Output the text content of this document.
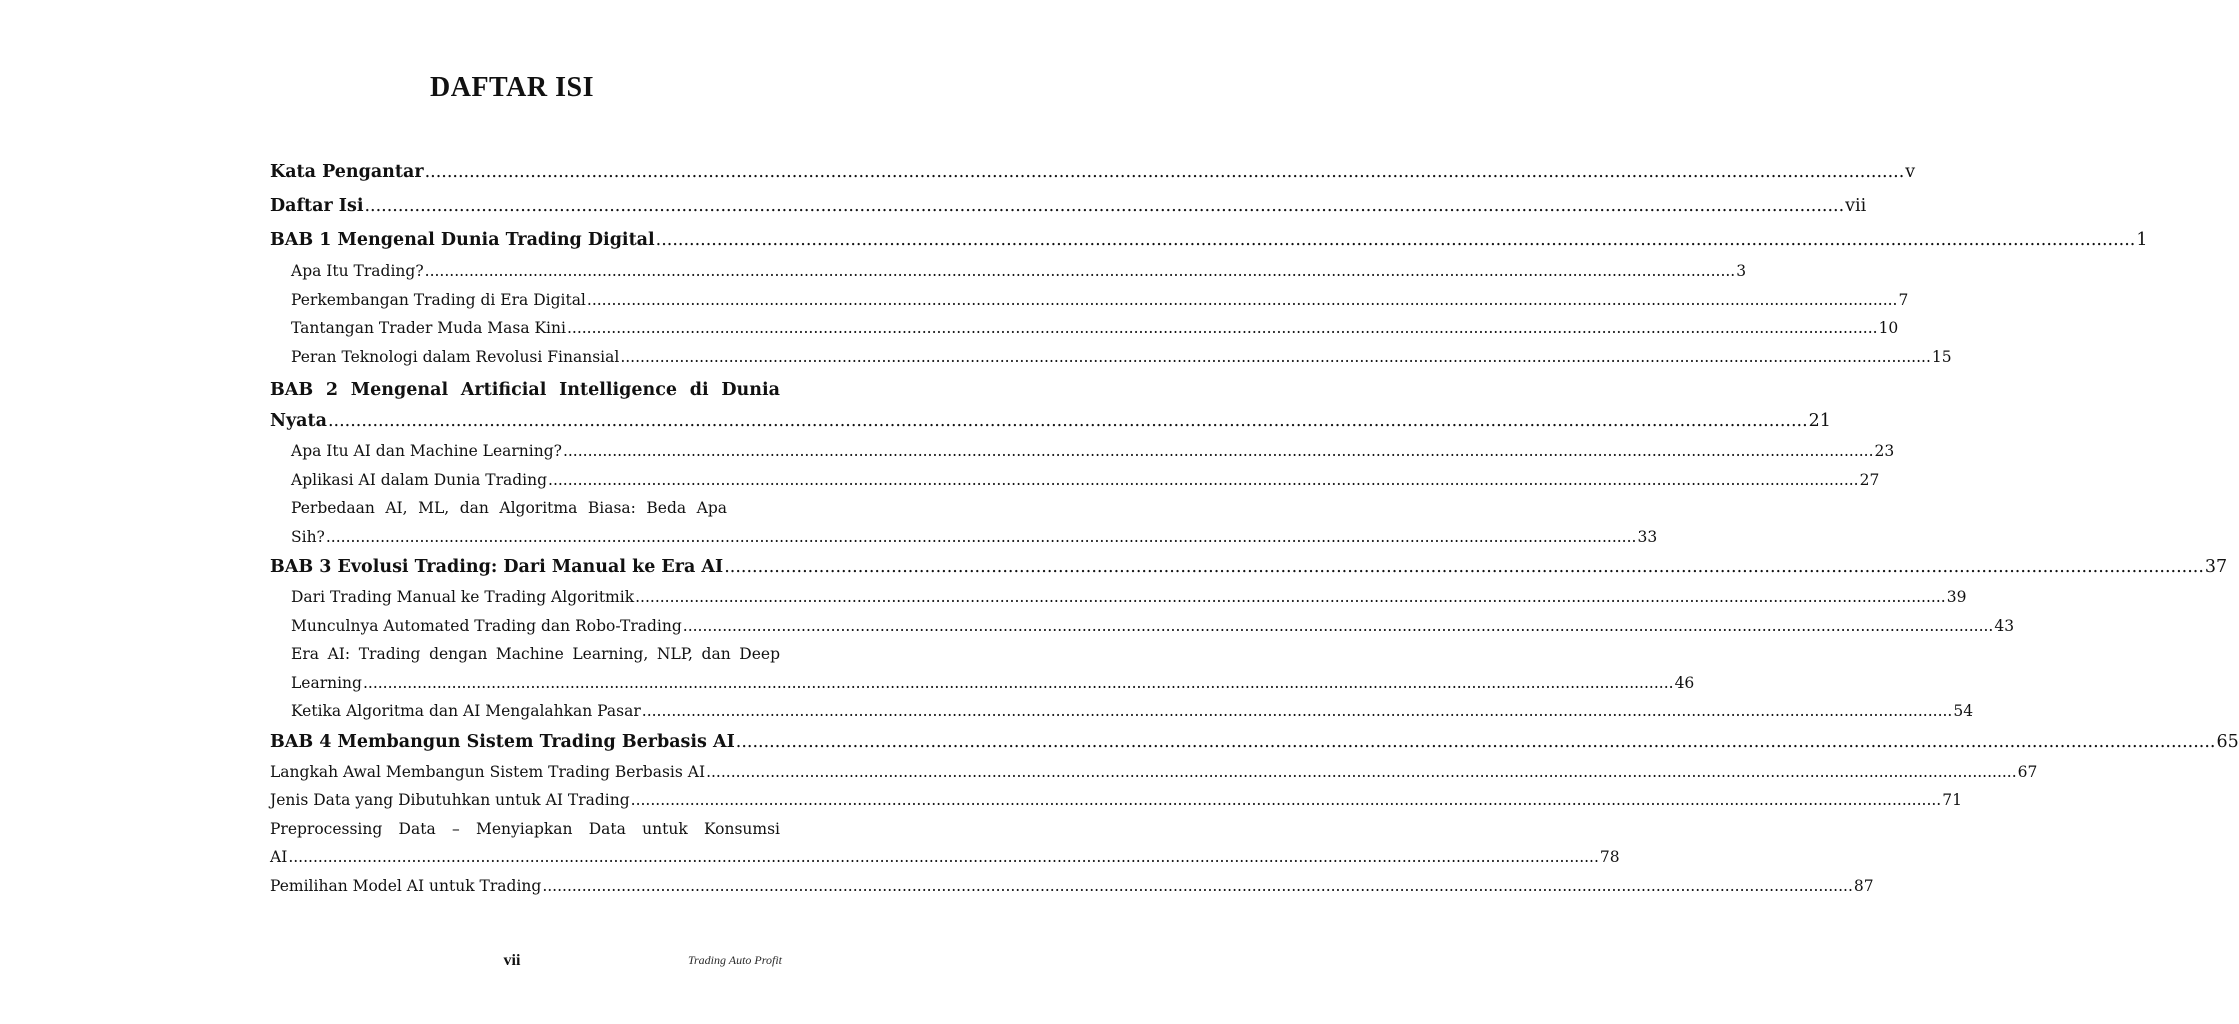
DAFTAR ISI
Kata Pengantar .....	v
Daftar Isi .....	vii
BAB 1 Mengenal Dunia Trading Digital .....	1
Apa Itu Trading? .....	3
Perkembangan Trading di Era Digital .....	7
Tantangan Trader Muda Masa Kini .....	10
Peran Teknologi dalam Revolusi Finansial .....	15
BAB 2 Mengenal Artificial Intelligence di Dunia
Nyata .....	21
Apa Itu AI dan Machine Learning? .....	23
Aplikasi AI dalam Dunia Trading .....	27
Perbedaan AI, ML, dan Algoritma Biasa: Beda Apa
Sih? .....	33
BAB 3 Evolusi Trading: Dari Manual ke Era AI .....	37
Dari Trading Manual ke Trading Algoritmik .....	39
Munculnya Automated Trading dan Robo-Trading .....	43
Era AI: Trading dengan Machine Learning, NLP, dan Deep
Learning .....	46
Ketika Algoritma dan AI Mengalahkan Pasar .....	54
BAB 4 Membangun Sistem Trading Berbasis AI .....	65
Langkah Awal Membangun Sistem Trading Berbasis AI .....	67
Jenis Data yang Dibutuhkan untuk AI Trading .....	71
Preprocessing Data – Menyiapkan Data untuk Konsumsi
AI .....	78
Pemilihan Model AI untuk Trading .....	87
vii	Trading Auto Profit
